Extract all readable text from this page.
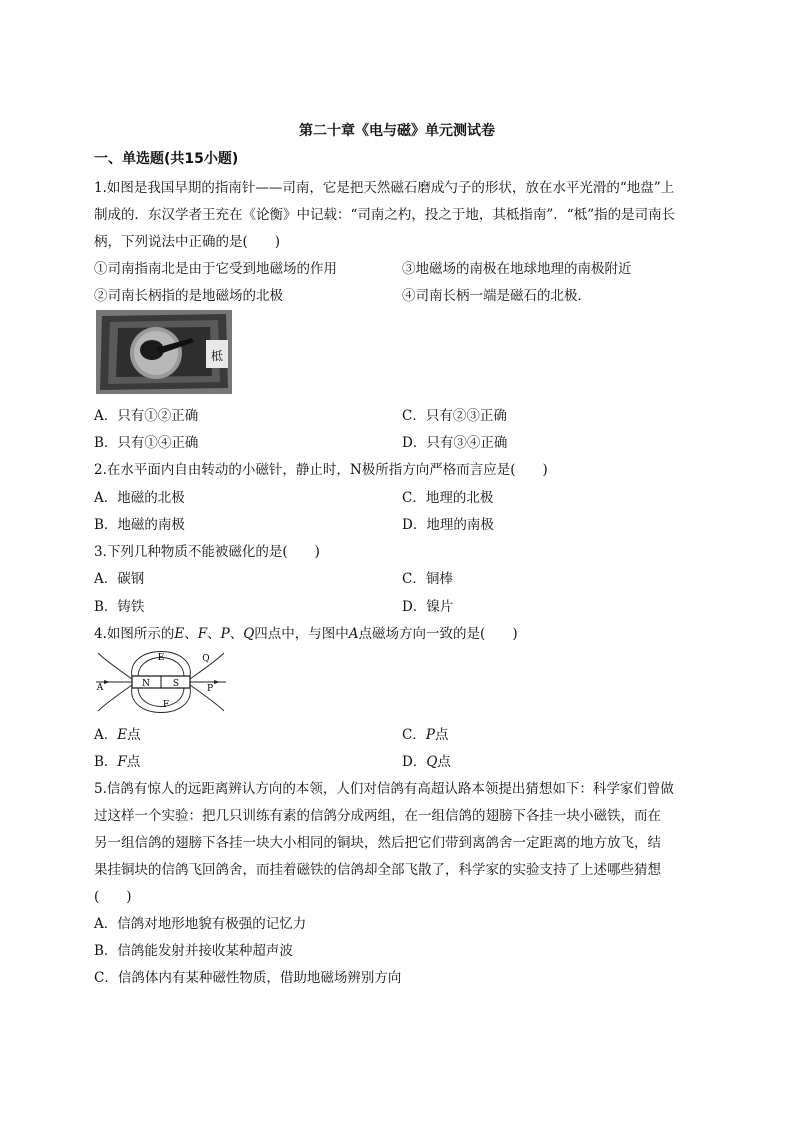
第二十章《电与磁》单元测试卷
一、单选题(共15小题)
1.如图是我国早期的指南针——司南，它是把天然磁石磨成勺子的形状，放在水平光滑的“地盘”上
制成的．东汉学者王充在《论衡》中记载：“司南之杓，投之于地，其柢指南”．“柢”指的是司南长
柄，下列说法中正确的是(　　)
①司南指南北是由于它受到地磁场的作用	③地磁场的南极在地球地理的南极附近
②司南长柄指的是地磁场的北极	④司南长柄一端是磁石的北极．
柢
A．只有①②正确	C．只有②③正确
B．只有①④正确	D．只有③④正确
2.在水平面内自由转动的小磁针，静止时，N极所指方向严格而言应是(　　)
A．地磁的北极	C．地理的北极
B．地磁的南极	D．地理的南极
3.下列几种物质不能被磁化的是(　　)
A．碳钢	C．铜棒
B．铸铁	D．镍片
4.如图所示的E、F、P、Q四点中，与图中A点磁场方向一致的是(　　)
N	S
E	Q
A	P
F
A．E点	C．P点
B．F点	D．Q点
5.信鸽有惊人的远距离辨认方向的本领，人们对信鸽有高超认路本领提出猜想如下：科学家们曾做
过这样一个实验：把几只训练有素的信鸽分成两组，在一组信鸽的翅膀下各挂一块小磁铁，而在
另一组信鸽的翅膀下各挂一块大小相同的铜块，然后把它们带到离鸽舍一定距离的地方放飞，结
果挂铜块的信鸽飞回鸽舍，而挂着磁铁的信鸽却全部飞散了，科学家的实验支持了上述哪些猜想
(　　)
A．信鸽对地形地貌有极强的记忆力
B．信鸽能发射并接收某种超声波
C．信鸽体内有某种磁性物质，借助地磁场辨别方向
